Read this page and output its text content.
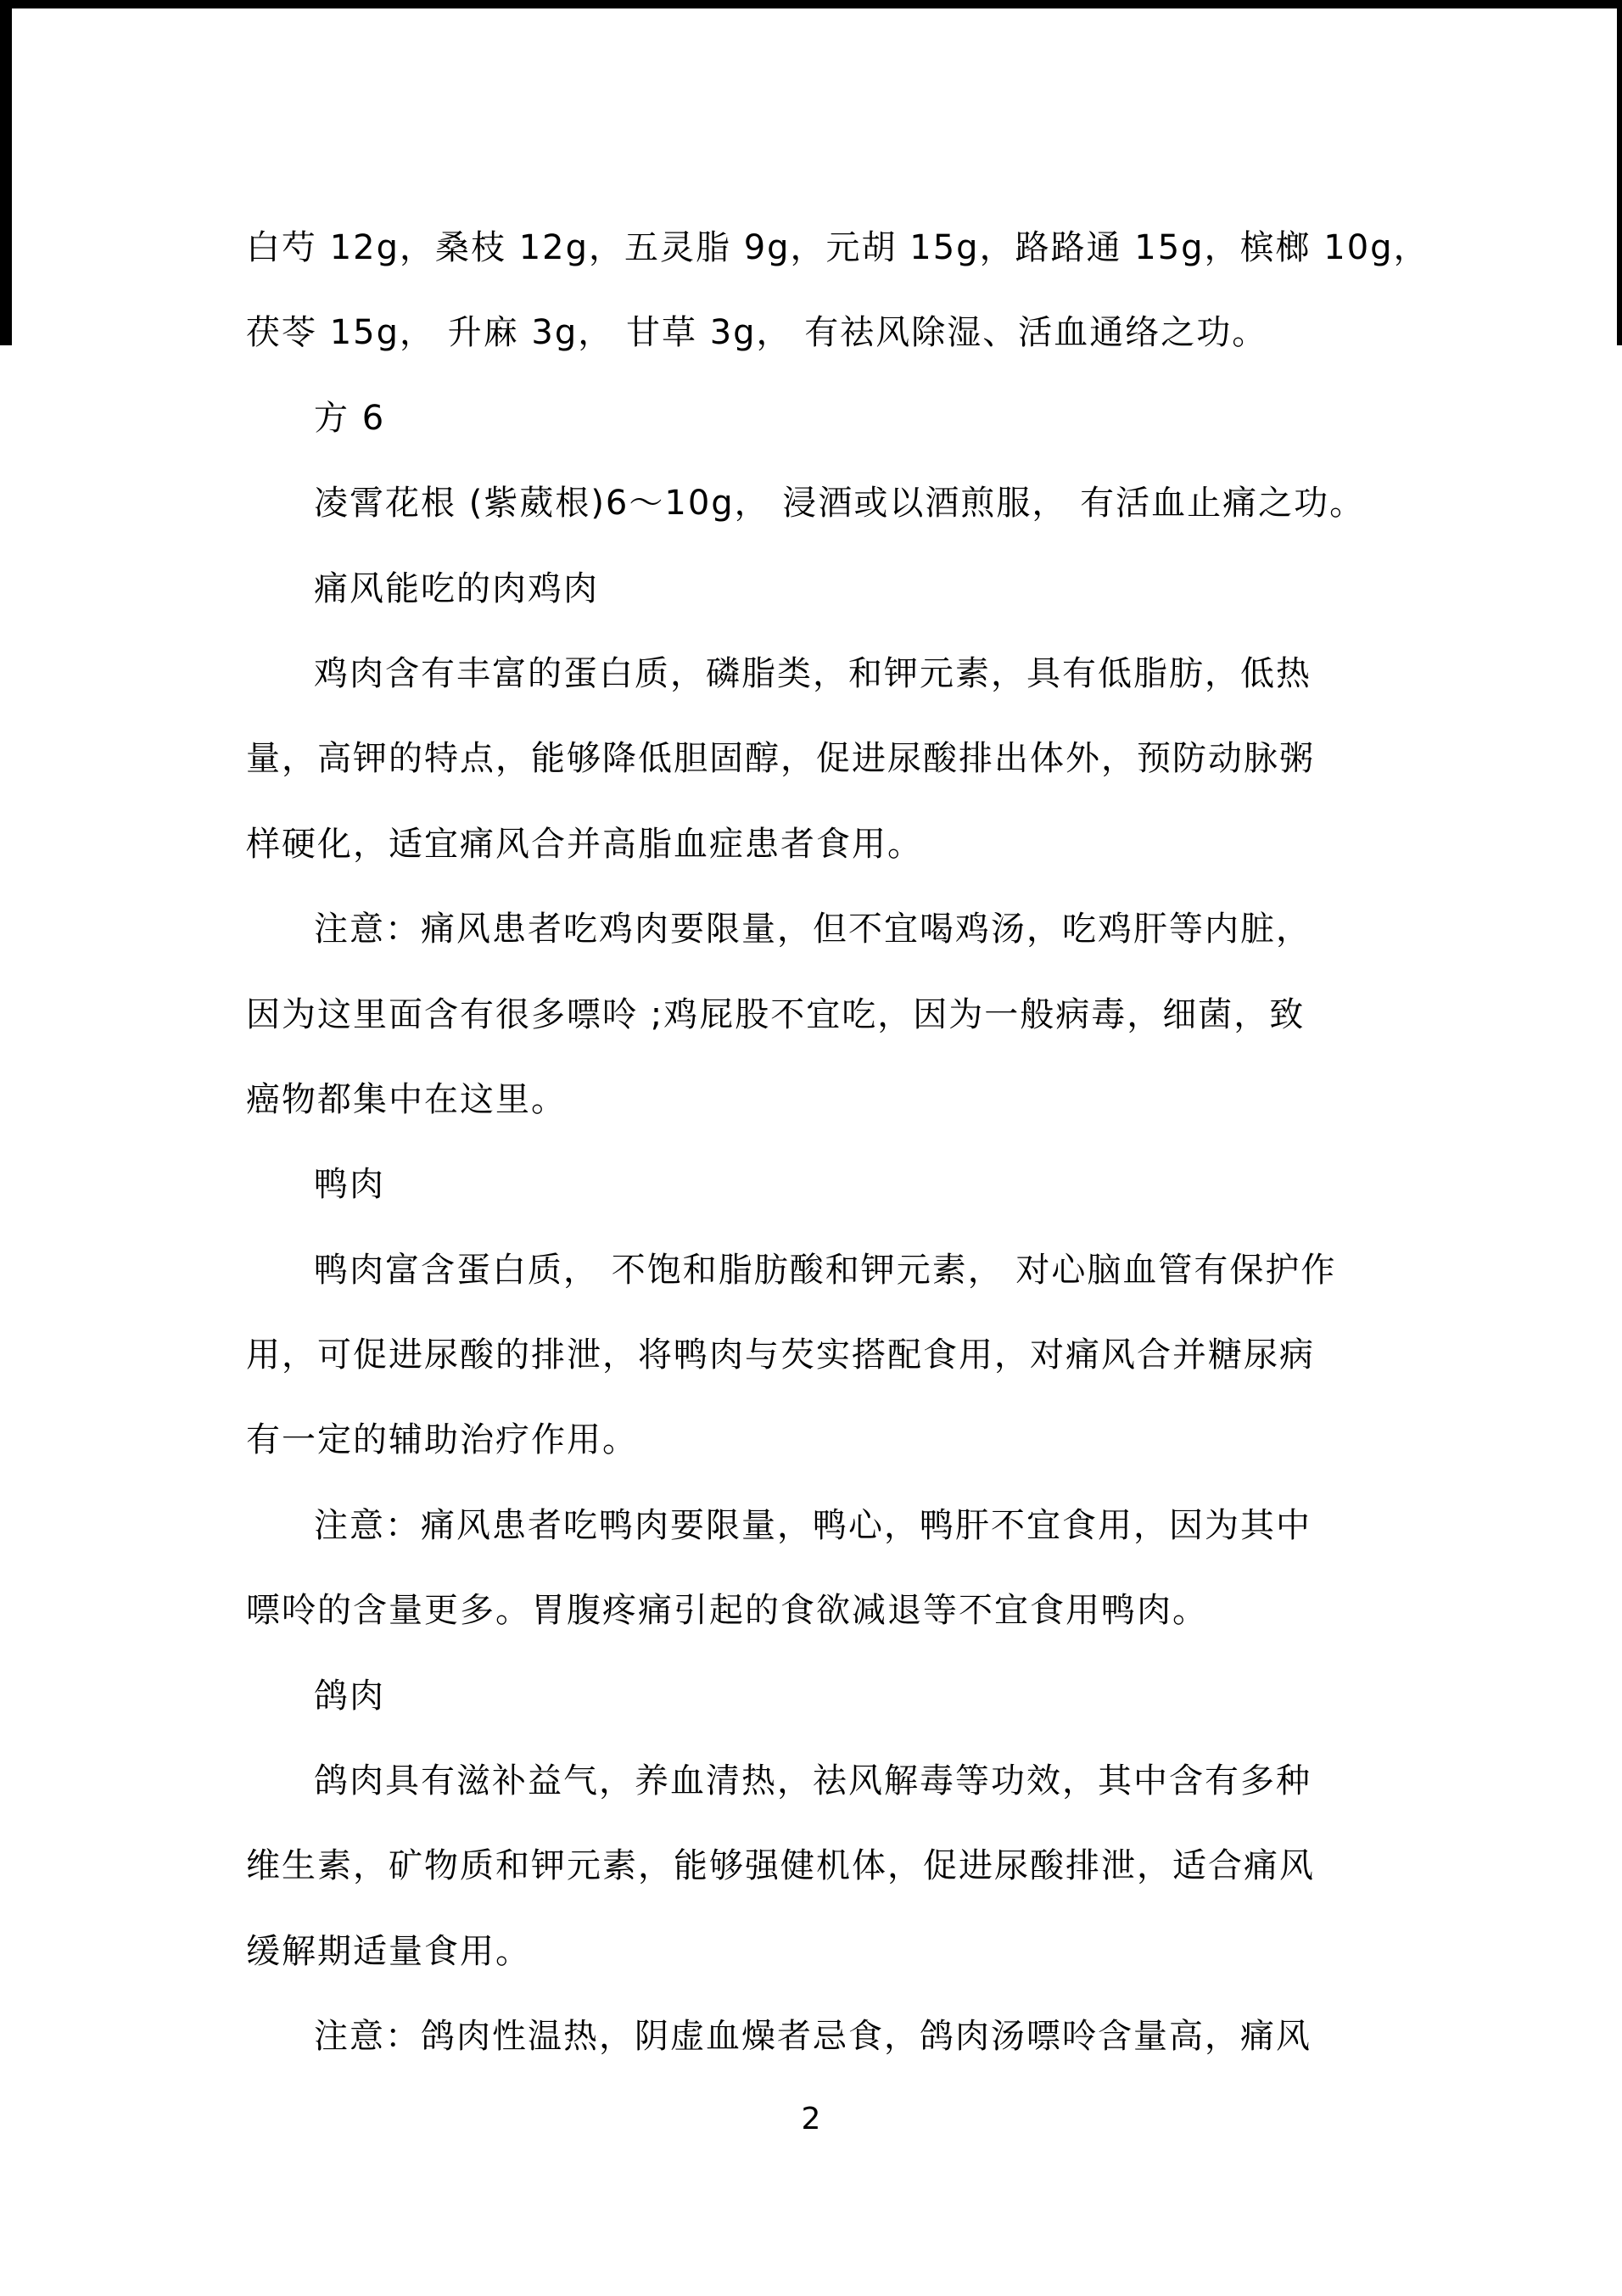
白芍 12g，桑枝 12g，五灵脂 9g，元胡 15g，路路通 15g，槟榔 10g，
茯苓 15g， 升麻 3g， 甘草 3g， 有祛风除湿、活血通络之功。
方 6
凌霄花根 (紫葳根)6～10g， 浸酒或以酒煎服， 有活血止痛之功。
痛风能吃的肉鸡肉
鸡肉含有丰富的蛋白质，磷脂类，和钾元素，具有低脂肪，低热
量，高钾的特点，能够降低胆固醇，促进尿酸排出体外，预防动脉粥
样硬化，适宜痛风合并高脂血症患者食用。
注意：痛风患者吃鸡肉要限量，但不宜喝鸡汤，吃鸡肝等内脏，
因为这里面含有很多嘌呤 ;鸡屁股不宜吃，因为一般病毒，细菌，致
癌物都集中在这里。
鸭肉
鸭肉富含蛋白质， 不饱和脂肪酸和钾元素， 对心脑血管有保护作
用，可促进尿酸的排泄，将鸭肉与芡实搭配食用，对痛风合并糖尿病
有一定的辅助治疗作用。
注意：痛风患者吃鸭肉要限量，鸭心，鸭肝不宜食用，因为其中
嘌呤的含量更多。胃腹疼痛引起的食欲减退等不宜食用鸭肉。
鸽肉
鸽肉具有滋补益气，养血清热，祛风解毒等功效，其中含有多种
维生素，矿物质和钾元素，能够强健机体，促进尿酸排泄，适合痛风
缓解期适量食用。
注意：鸽肉性温热，阴虚血燥者忌食，鸽肉汤嘌呤含量高，痛风
2
